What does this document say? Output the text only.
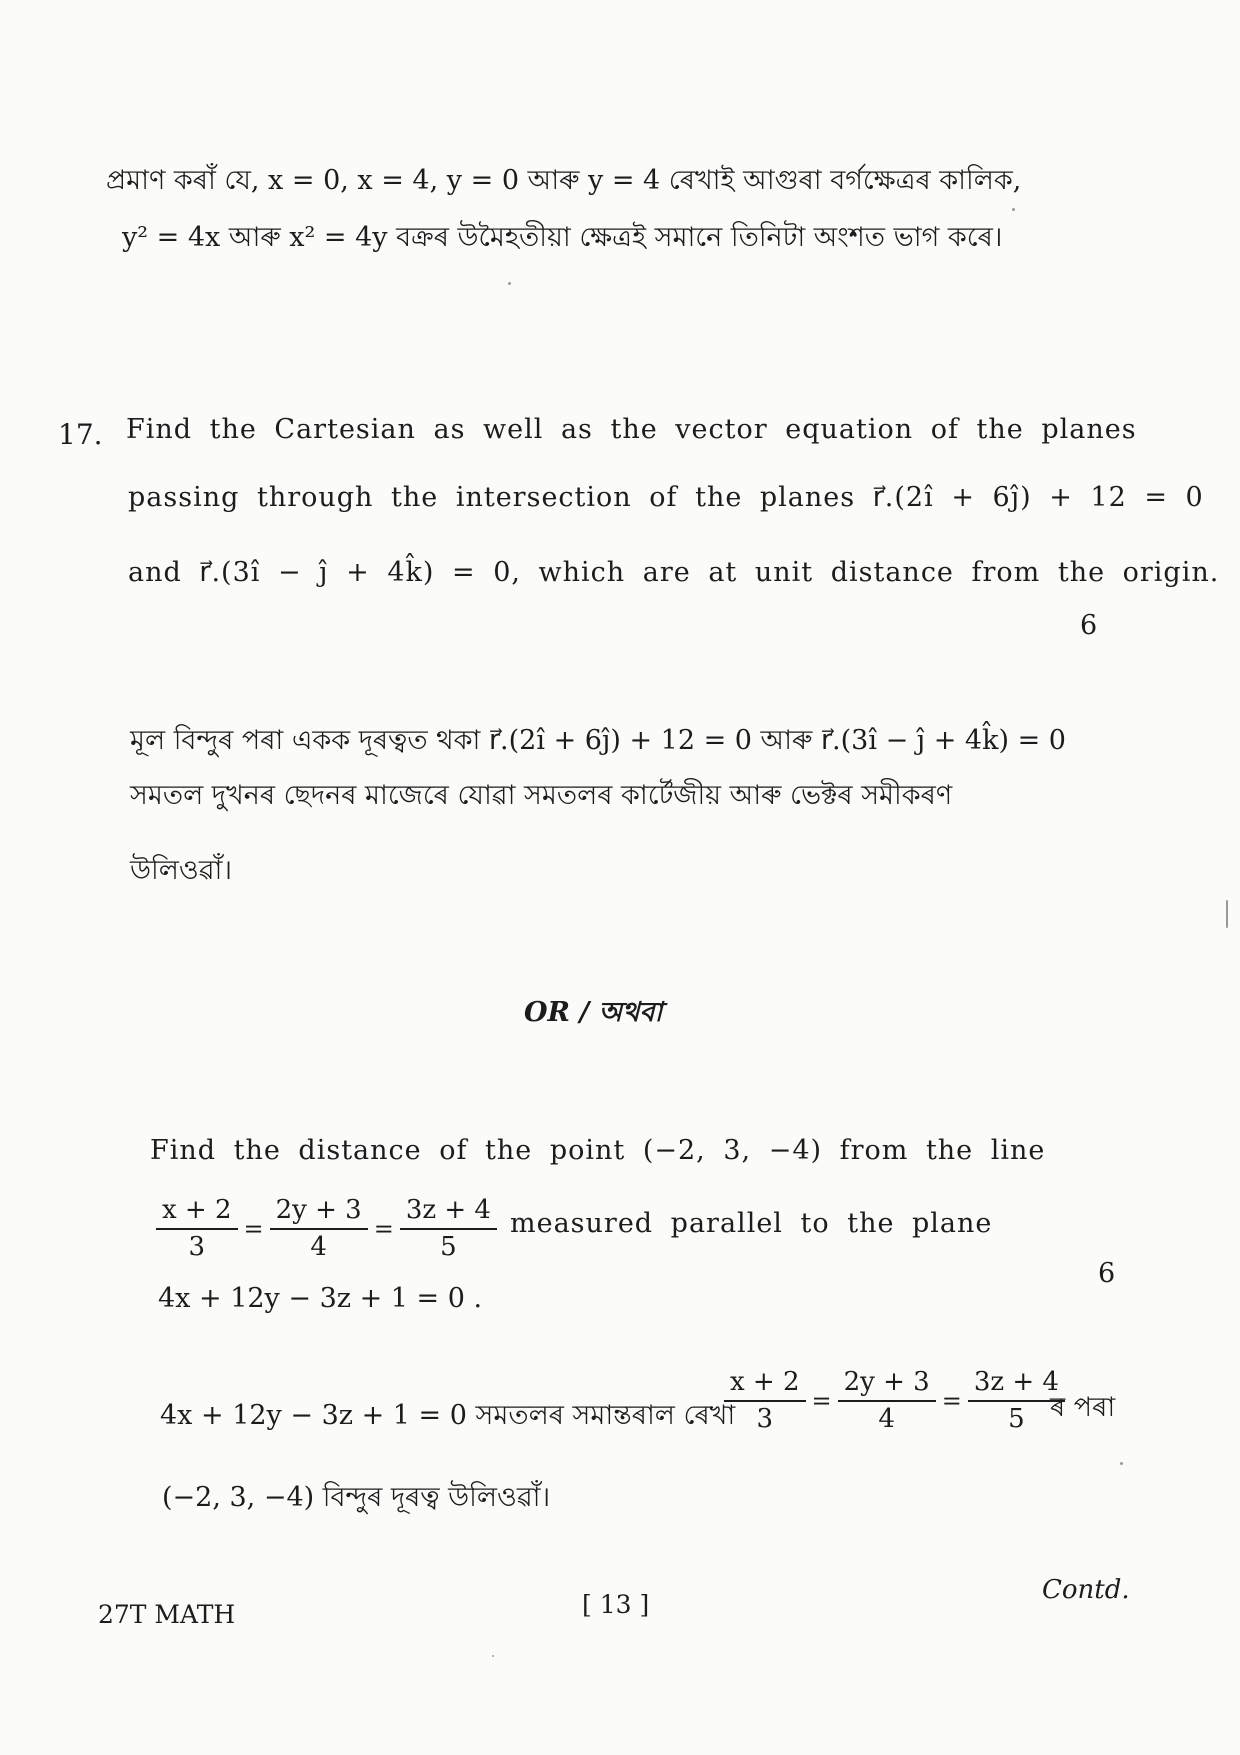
প্ৰমাণ কৰাঁ যে, x = 0, x = 4, y = 0 আৰু y = 4 ৰেখাই আগুৰা বৰ্গক্ষেত্ৰৰ কালিক,
y² = 4x আৰু x² = 4y বক্ৰৰ উমৈহতীয়া ক্ষেত্ৰই সমানে তিনিটা অংশত ভাগ কৰে।
17. Find the Cartesian as well as the vector equation of the planes
passing through the intersection of the planes r⃗.(2î + 6ĵ) + 12 = 0
and r⃗.(3î − ĵ + 4k̂) = 0, which are at unit distance from the origin.
6
মূল বিন্দুৰ পৰা একক দূৰত্বত থকা r⃗.(2î + 6ĵ) + 12 = 0 আৰু r⃗.(3î − ĵ + 4k̂) = 0
সমতল দুখনৰ ছেদনৰ মাজেৰে যোৱা সমতলৰ কাৰ্টেজীয় আৰু ভেক্টৰ সমীকৰণ
উলিওৱাঁ।
OR / অথবা
Find the distance of the point (−2, 3, −4) from the line
$\frac{x + 2}{3} = \frac{2y + 3}{4} = \frac{3z + 4}{5}$ measured parallel to the plane
6
4x + 12y − 3z + 1 = 0 .
4x + 12y − 3z + 1 = 0 সমতলৰ সমান্তৰাল ৰেখা
$\frac{x + 2}{3} = \frac{2y + 3}{4} = \frac{3z + 4}{5}$
ৰ পৰা
(−2, 3, −4) বিন্দুৰ দূৰত্ব উলিওৱাঁ।
27T MATH	[ 13 ]	Contd.
